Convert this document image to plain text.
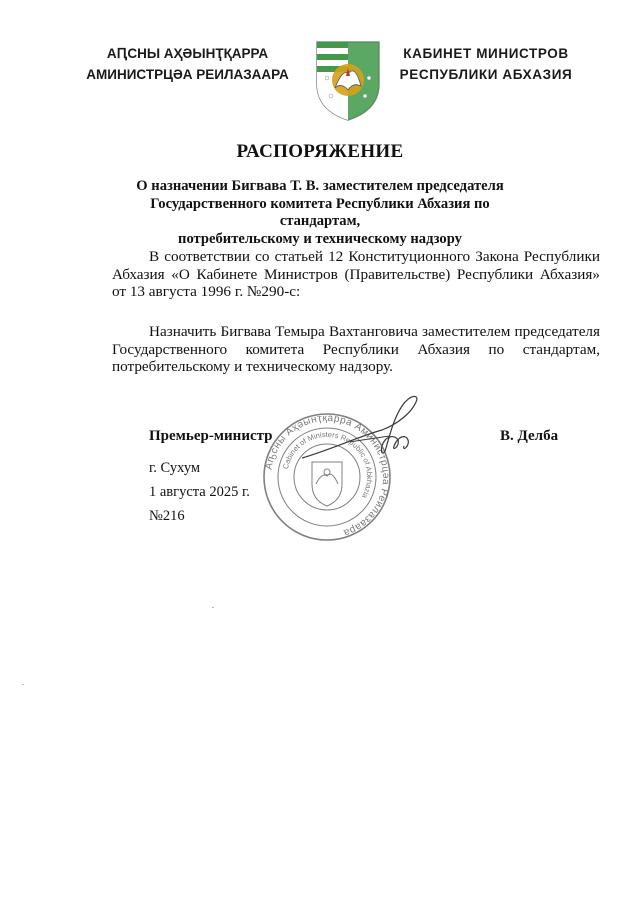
АԤСНЫ АҲӘЫНҬҚАРРА
АМИНИСТРЦӘА РЕИЛАЗААРА
КАБИНЕТ МИНИСТРОВ
РЕСПУБЛИКИ АБХАЗИЯ
РАСПОРЯЖЕНИЕ
О назначении Бигвава Т. В. заместителем председателя
Государственного комитета Республики Абхазия по стандартам,
потребительскому и техническому надзору
В соответствии со статьей 12 Конституционного Закона Республики Абхазия «О Кабинете Министров (Правительстве) Республики Абхазия» от 13 августа 1996 г. №290-с:
Назначить Бигвава Темыра Вахтанговича заместителем председателя Государственного комитета Республики Абхазия по стандартам, потребительскому и техническому надзору.
Аҧсны Аҳәынҭқарра Аминистрцәа Реилазаара
Cabinet of Ministers Republic of Abkhazia
Премьер-министр	В. Делба
г. Сухум
1 августа 2025 г.
№216
